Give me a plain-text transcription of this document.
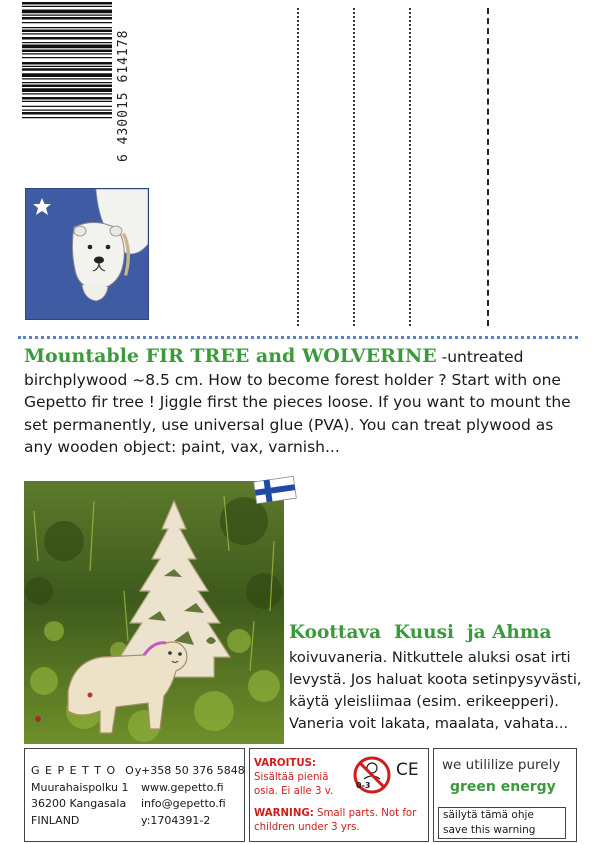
6 430015 614178
Mountable FIR TREE and WOLVERINE -untreated birchplywood ~8.5 cm. How to become forest holder ? Start with one Gepetto fir tree ! Jiggle first the pieces loose. If you want to mount the set permanently, use universal glue (PVA). You can treat plywood as any wooden object: paint, vax, varnish...
Koottava  Kuusi  ja Ahma
koivuvaneria. Nitkuttele aluksi osat irti levystä. Jos haluat koota setinpysyvästi, käytä yleisliimaa (esim. erikeepperi). Vaneria voit lakata, maalata, vahata...
G E P E T T O  Oy
Muurahaispolku 1
36200 Kangasala
FINLAND
+358 50 376 5848
www.gepetto.fi
info@gepetto.fi
y:1704391-2
VAROITUS:
Sisältää pieniä osia. Ei alle 3 v.
0-3
CE
WARNING: Small parts. Not for children under 3 yrs.
we utililize purely
green energy
säilytä tämä ohje
save this warning
